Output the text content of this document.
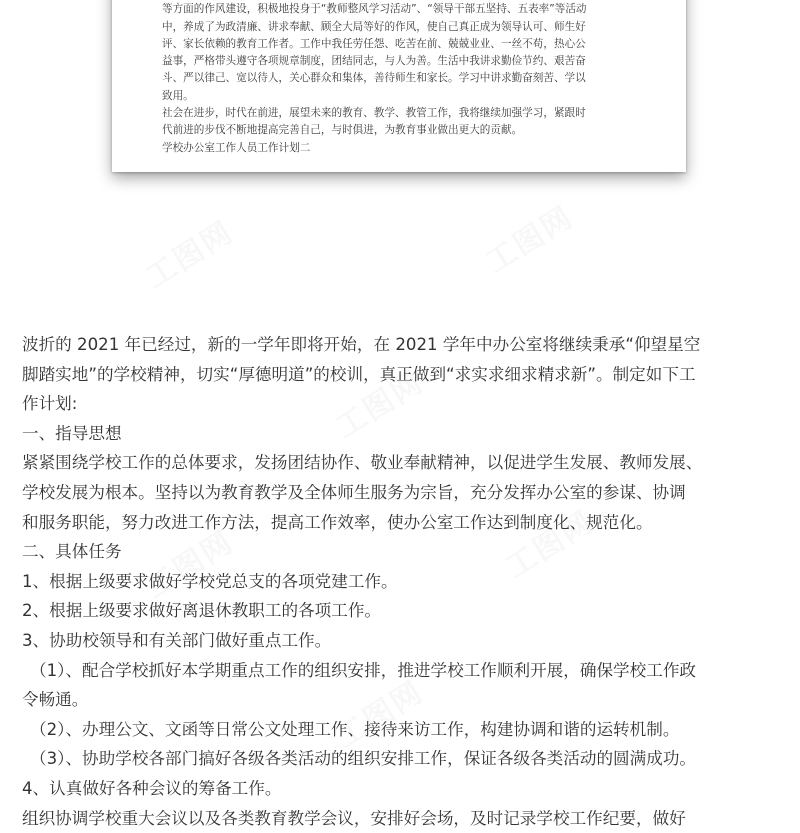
工图网	工图网
工图网
工图网	工图网
工图网

等方面的作风建设，积极地投身于“教师整风学习活动”、“领导干部五坚持、五表率”等活动

中，养成了为政清廉、讲求奉献、顾全大局等好的作风，使自己真正成为领导认可、师生好

评、家长依赖的教育工作者。工作中我任劳任怨、吃苦在前、兢兢业业、一丝不苟，热心公

益事，严格带头遵守各项规章制度，团结同志，与人为善。生活中我讲求勤俭节约、艰苦奋

斗、严以律己、宽以待人，关心群众和集体，善待师生和家长。学习中讲求勤奋刻苦、学以

致用。

社会在进步，时代在前进，展望未来的教育、教学、教管工作，我将继续加强学习，紧跟时

代前进的步伐不断地提高完善自己，与时俱进，为教育事业做出更大的贡献。

学校办公室工作人员工作计划二

波折的 2021 年已经过，新的一学年即将开始，在 2021 学年中办公室将继续秉承“仰望星空

脚踏实地”的学校精神，切实“厚德明道”的校训，真正做到“求实求细求精求新”。制定如下工

作计划:

一、指导思想

紧紧围绕学校工作的总体要求，发扬团结协作、敬业奉献精神，以促进学生发展、教师发展、

学校发展为根本。坚持以为教育教学及全体师生服务为宗旨，充分发挥办公室的参谋、协调

和服务职能，努力改进工作方法，提高工作效率，使办公室工作达到制度化、规范化。

二、具体任务

1、根据上级要求做好学校党总支的各项党建工作。

2、根据上级要求做好离退休教职工的各项工作。

3、协助校领导和有关部门做好重点工作。

（1）、配合学校抓好本学期重点工作的组织安排，推进学校工作顺利开展，确保学校工作政

令畅通。

（2）、办理公文、文函等日常公文处理工作、接待来访工作，构建协调和谐的运转机制。

（3）、协助学校各部门搞好各级各类活动的组织安排工作，保证各级各类活动的圆满成功。

4、认真做好各种会议的筹备工作。

组织协调学校重大会议以及各类教育教学会议，安排好会场，及时记录学校工作纪要，做好
